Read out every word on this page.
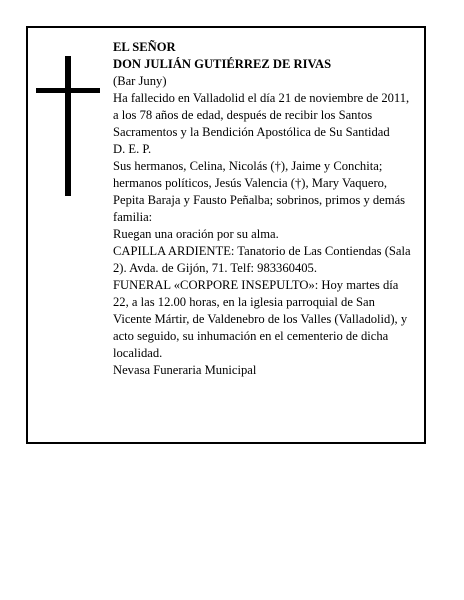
EL SEÑOR

DON JULIÁN GUTIÉRREZ DE RIVAS

(Bar Juny)

Ha fallecido en Valladolid el día 21 de noviembre de 2011, a los 78 años de edad, después de recibir los Santos Sacramentos y la Bendición Apostólica de Su Santidad

D. E. P.

Sus hermanos, Celina, Nicolás (†), Jaime y Conchita; hermanos políticos, Jesús Valencia (†), Mary Vaquero, Pepita Baraja y Fausto Peñalba; sobrinos, primos y demás familia:

Ruegan una oración por su alma.

CAPILLA ARDIENTE: Tanatorio de Las Contiendas (Sala 2). Avda. de Gijón, 71. Telf: 983360405.

FUNERAL «CORPORE INSEPULTO»: Hoy martes día 22, a las 12.00 horas, en la iglesia parroquial de San Vicente Mártir, de Valdenebro de los Valles (Valladolid), y acto seguido, su inhumación en el cementerio de dicha localidad.

Nevasa Funeraria Municipal
